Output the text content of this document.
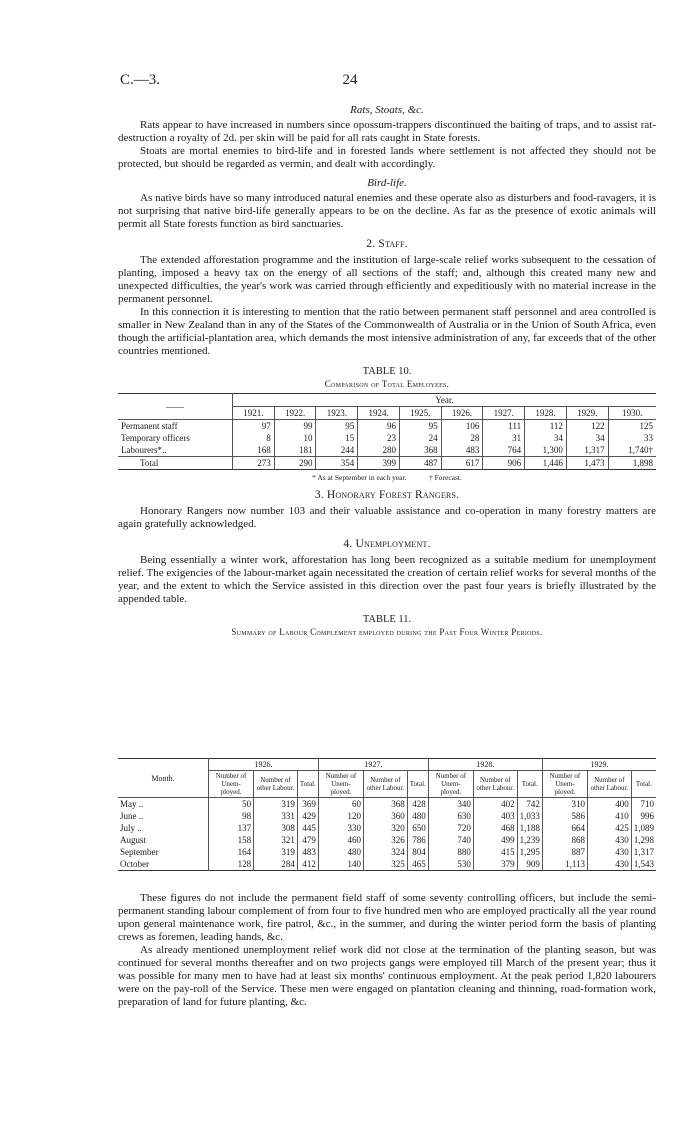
C.—3.	24
Rats, Stoats, &c.

Rats appear to have increased in numbers since opossum-trappers discontinued the baiting of traps, and to assist rat-destruction a royalty of 2d. per skin will be paid for all rats caught in State forests.

Stoats are mortal enemies to bird-life and in forested lands where settlement is not affected they should not be protected, but should be regarded as vermin, and dealt with accordingly.

Bird-life.

As native birds have so many introduced natural enemies and these operate also as disturbers and food-ravagers, it is not surprising that native bird-life generally appears to be on the decline. As far as the presence of exotic animals will permit all State forests function as bird sanctuaries.

2. Staff.

The extended afforestation programme and the institution of large-scale relief works subsequent to the cessation of planting, imposed a heavy tax on the energy of all sections of the staff; and, although this created many new and unexpected difficulties, the year's work was carried through efficiently and expeditiously with no material increase in the permanent personnel.

In this connection it is interesting to mention that the ratio between permanent staff personnel and area controlled is smaller in New Zealand than in any of the States of the Commonwealth of Australia or in the Union of South Africa, even though the artificial-plantation area, which demands the most intensive administration of any, far exceeds that of the other countries mentioned.

TABLE 10.
Comparison of Total Employees.
——	Year.									
	1921.	1922.	1923.	1924.	1925.	1926.	1927.	1928.	1929.	1930.
Permanent staff	97	99	95	96	95	106	111	112	122	125
Temporary officers	8	10	15	23	24	28	31	34	34	33
Labourers*..	168	181	244	280	368	483	764	1,300	1,317	1,740†
Total	273	290	354	399	487	617	906	1,446	1,473	1,898
* As at September in each year.	† Forecast.
3. Honorary Forest Rangers.

Honorary Rangers now number 103 and their valuable assistance and co-operation in many forestry matters are again gratefully acknowledged.

4. Unemployment.

Being essentially a winter work, afforestation has long been recognized as a suitable medium for unemployment relief. The exigencies of the labour-market again necessitated the creation of certain relief works for several months of the year, and the extent to which the Service assisted in this direction over the past four years is briefly illustrated by the appended table.

TABLE 11.
Summary of Labour Complement employed during the Past Four Winter Periods.
Month.	1926.			1927.			1928.			1929.		
	Number of Unem- ployed.	Number of other Labour.	Total.	Number of Unem- ployed.	Number of other Labour.	Total.	Number of Unem- ployed.	Number of other Labour.	Total.	Number of Unem- ployed.	Number of other Labour.	Total.
May ..	50	319	369	60	368	428	340	402	742	310	400	710
June ..	98	331	429	120	360	480	630	403	1,033	586	410	996
July ..	137	308	445	330	320	650	720	468	1,188	664	425	1,089
August	158	321	479	460	326	786	740	499	1,239	868	430	1,298
September	164	319	483	480	324	804	880	415	1,295	887	430	1,317
October	128	284	412	140	325	465	530	379	909	1,113	430	1,543

These figures do not include the permanent field staff of some seventy controlling officers, but include the semi-permanent standing labour complement of from four to five hundred men who are employed practically all the year round upon general maintenance work, fire patrol, &c., in the summer, and during the winter period form the basis of planting crews as foremen, leading hands, &c.

As already mentioned unemployment relief work did not close at the termination of the planting season, but was continued for several months thereafter and on two projects gangs were employed till March of the present year; thus it was possible for many men to have had at least six months' continuous employment. At the peak period 1,820 labourers were on the pay-roll of the Service. These men were engaged on plantation cleaning and thinning, road-formation work, preparation of land for future planting, &c.
